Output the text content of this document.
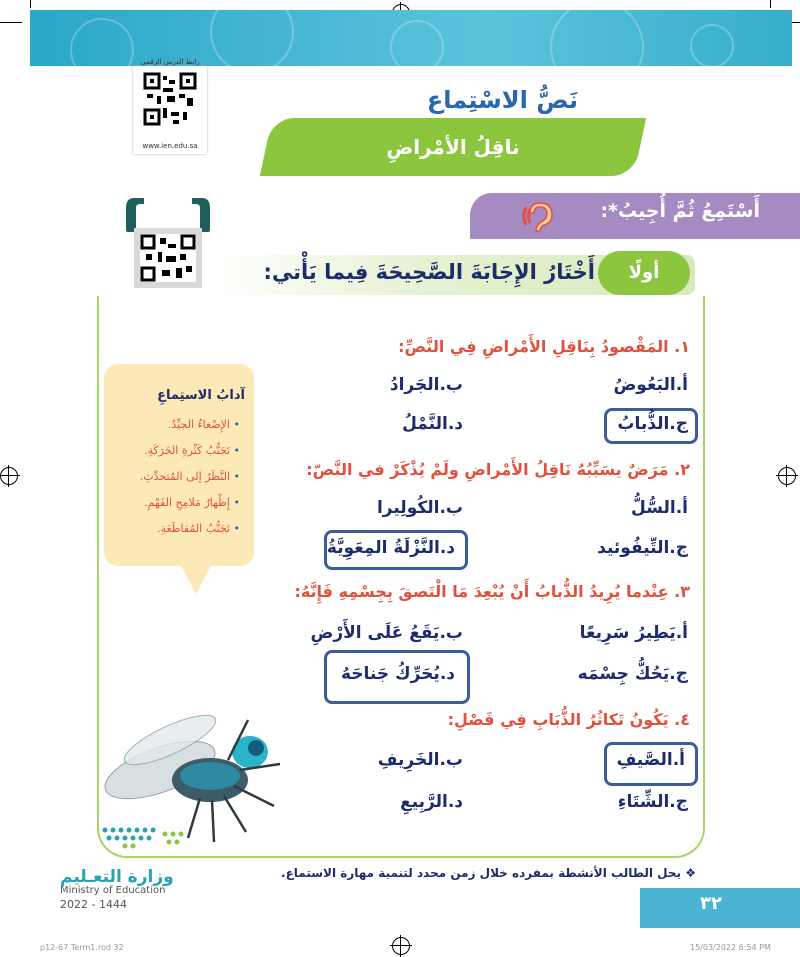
رابط الدرس الرقمي
www.ien.edu.sa
نَصُّ الاسْتِماع
ناقِلُ الأمْراضِ
أَسْتَمِعُ ثُمَّ أُجِيبُ*:
أولًا
أَخْتَارُ الإِجَابَةَ الصَّحِيحَةَ فِيما يَأْتي:
١. المَقْصودُ بِنَاقِلِ الأَمْراضِ فِي النَّصِّ:
أ.البَعُوضُ
ب.الجَرادُ
ج.الذُّبابُ
د.النَّمْلُ
٢. مَرَضٌ يسَبِّبُهُ نَاقِلُ الأَمْراضِ ولَمْ يُذْكَرْ في النَّصّ:
أ.السُّلُّ
ب.الكُولِيرا
ج.التِّيفُوئيد
د.النَّزْلَةُ المِعَوِيَّةُ
٣. عِنْدما يُرِيدُ الذُّبابُ أَنْ يُبْعِدَ مَا الْتَصقَ بِجِسْمِهِ فَإِنَّهُ:
أ.يَطِيرُ سَرِيعًا
ب.يَقَعُ عَلَى الأَرْضِ
ج.يَحُكُّ جِسْمَه
د.يُحَرِّكُ جَناحَهُ
٤. يَكُونُ تَكاثُرُ الذُّبَابِ فِي فَصْلِ:
أ.الصَّيفِ
ب.الخَرِيفِ
ج.الشِّتَاءِ
د.الرَّبِيعِ
آدابُ الاستِماعِ
• الإِصْغاءُ الجيِّدُ.
• تَجَنُّبُ كَثْرةِ الحَرَكَةِ.
• النَّظَرُ إلى المُتحدِّثِ.
• إِظْهارُ مَلامِحِ الفَهْمِ.
• تَجَنُّبُ المُقاطَعَةِ.
❖ يحل الطالب الأنشطة بمفرده خلال زمن محدد لتنمية مهارة الاستماع.
وزارة التعـليم
Ministry of Education
2022 - 1444	٣٢
p12-67 Term1.rod 32	15/03/2022 6:54 PM
